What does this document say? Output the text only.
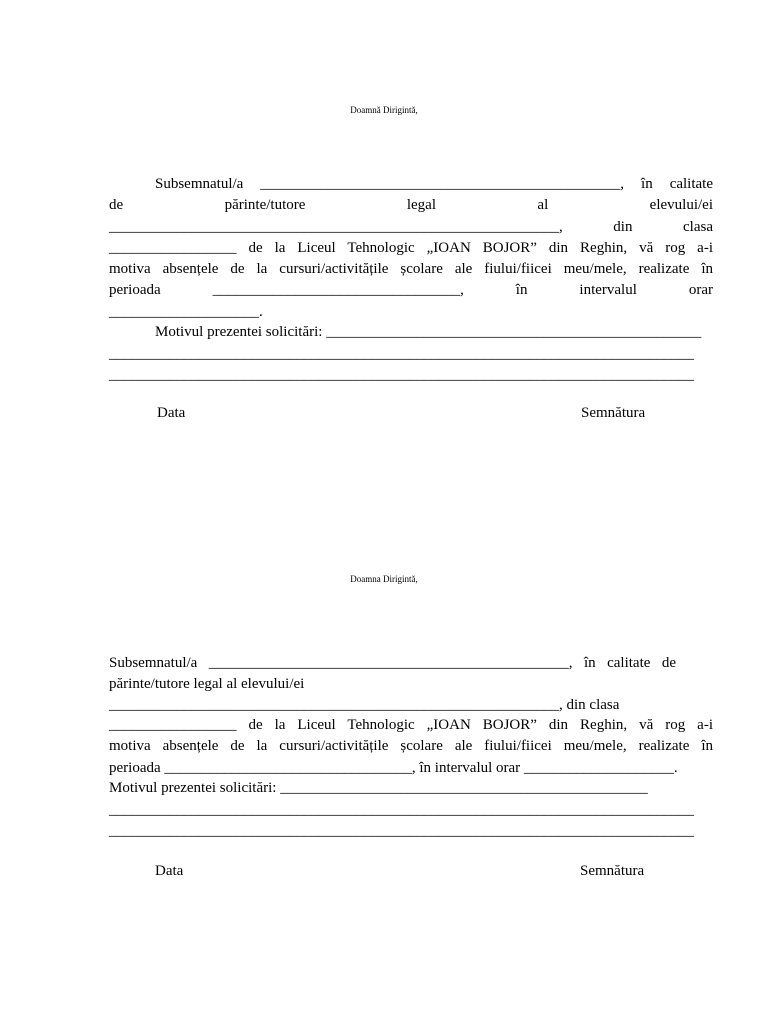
Doamnă Dirigintă,
Subsemnatul/a ________________________________________________, în calitate
de părinte/tutore legal al elevului/ei
____________________________________________________________, din clasa
_________________ de la Liceul Tehnologic „IOAN BOJOR” din Reghin, vă rog a-i
motiva absențele de la cursuri/activitățile școlare ale fiului/fiicei meu/mele, realizate în
perioada _________________________________, în intervalul orar
____________________.
Motivul prezentei solicitări: __________________________________________________
______________________________________________________________________________
______________________________________________________________________________
Data	Semnătura
Doamna Dirigintă,
Subsemnatul/a ________________________________________________, în calitate de
părinte/tutore legal al elevului/ei
____________________________________________________________, din clasa
_________________ de la Liceul Tehnologic „IOAN BOJOR” din Reghin, vă rog a-i
motiva absențele de la cursuri/activitățile școlare ale fiului/fiicei meu/mele, realizate în
perioada _________________________________, în intervalul orar ____________________.
Motivul prezentei solicitări: _________________________________________________
______________________________________________________________________________
______________________________________________________________________________
Data	Semnătura
